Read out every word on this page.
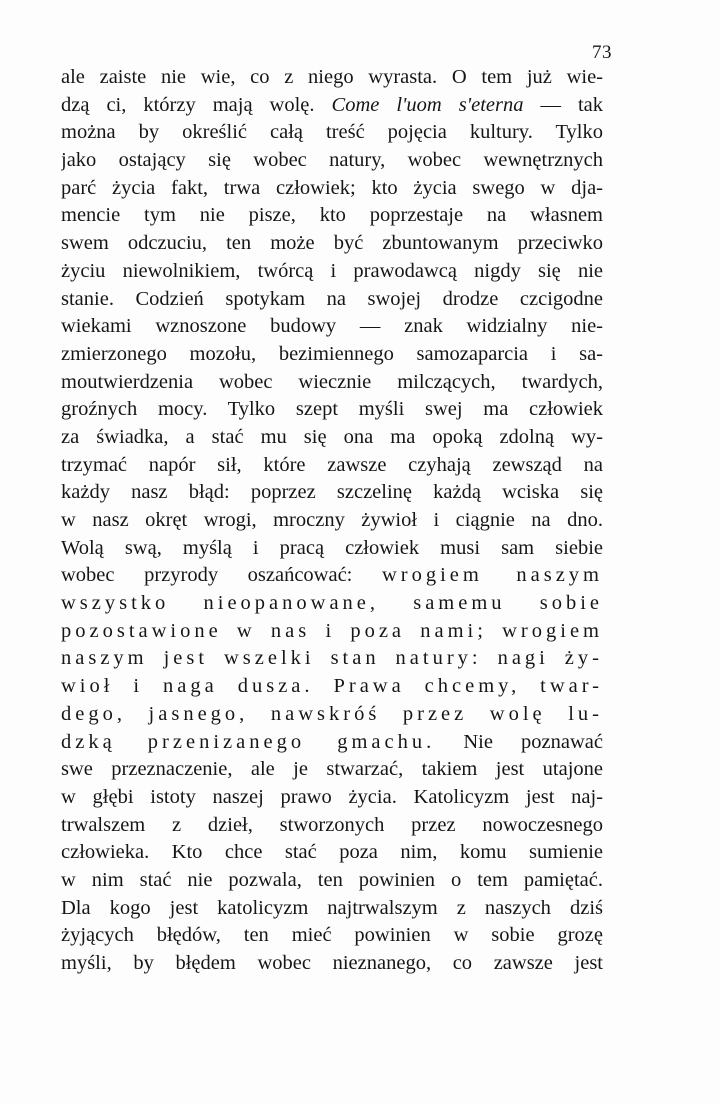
73
ale zaiste nie wie, co z niego wyrasta. O tem już wie-
dzą ci, którzy mają wolę. Come l'uom s'eterna — tak
można by określić całą treść pojęcia kultury. Tylko
jako ostający się wobec natury, wobec wewnętrznych
parć życia fakt, trwa człowiek; kto życia swego w dja-
mencie tym nie pisze, kto poprzestaje na własnem
swem odczuciu, ten może być zbuntowanym przeciwko
życiu niewolnikiem, twórcą i prawodawcą nigdy się nie
stanie. Codzień spotykam na swojej drodze czcigodne
wiekami wznoszone budowy — znak widzialny nie-
zmierzonego mozołu, bezimiennego samozaparcia i sa-
moutwierdzenia wobec wiecznie milczących, twardych,
groźnych mocy. Tylko szept myśli swej ma człowiek
za świadka, a stać mu się ona ma opoką zdolną wy-
trzymać napór sił, które zawsze czyhają zewsząd na
każdy nasz błąd: poprzez szczelinę każdą wciska się
w nasz okręt wrogi, mroczny żywioł i ciągnie na dno.
Wolą swą, myślą i pracą człowiek musi sam siebie
wobec przyrody oszańcować: wrogiem naszym
wszystko nieopanowane, samemu sobie
pozostawione w nas i poza nami; wrogiem
naszym jest wszelki stan natury: nagi ży-
wioł i naga dusza. Prawa chcemy, twar-
dego, jasnego, nawskróś przez wolę lu-
dzką przenizanego gmachu. Nie poznawać
swe przeznaczenie, ale je stwarzać, takiem jest utajone
w głębi istoty naszej prawo życia. Katolicyzm jest naj-
trwalszem z dzieł, stworzonych przez nowoczesnego
człowieka. Kto chce stać poza nim, komu sumienie
w nim stać nie pozwala, ten powinien o tem pamiętać.
Dla kogo jest katolicyzm najtrwalszym z naszych dziś
żyjących błędów, ten mieć powinien w sobie grozę
myśli, by błędem wobec nieznanego, co zawsze jest
